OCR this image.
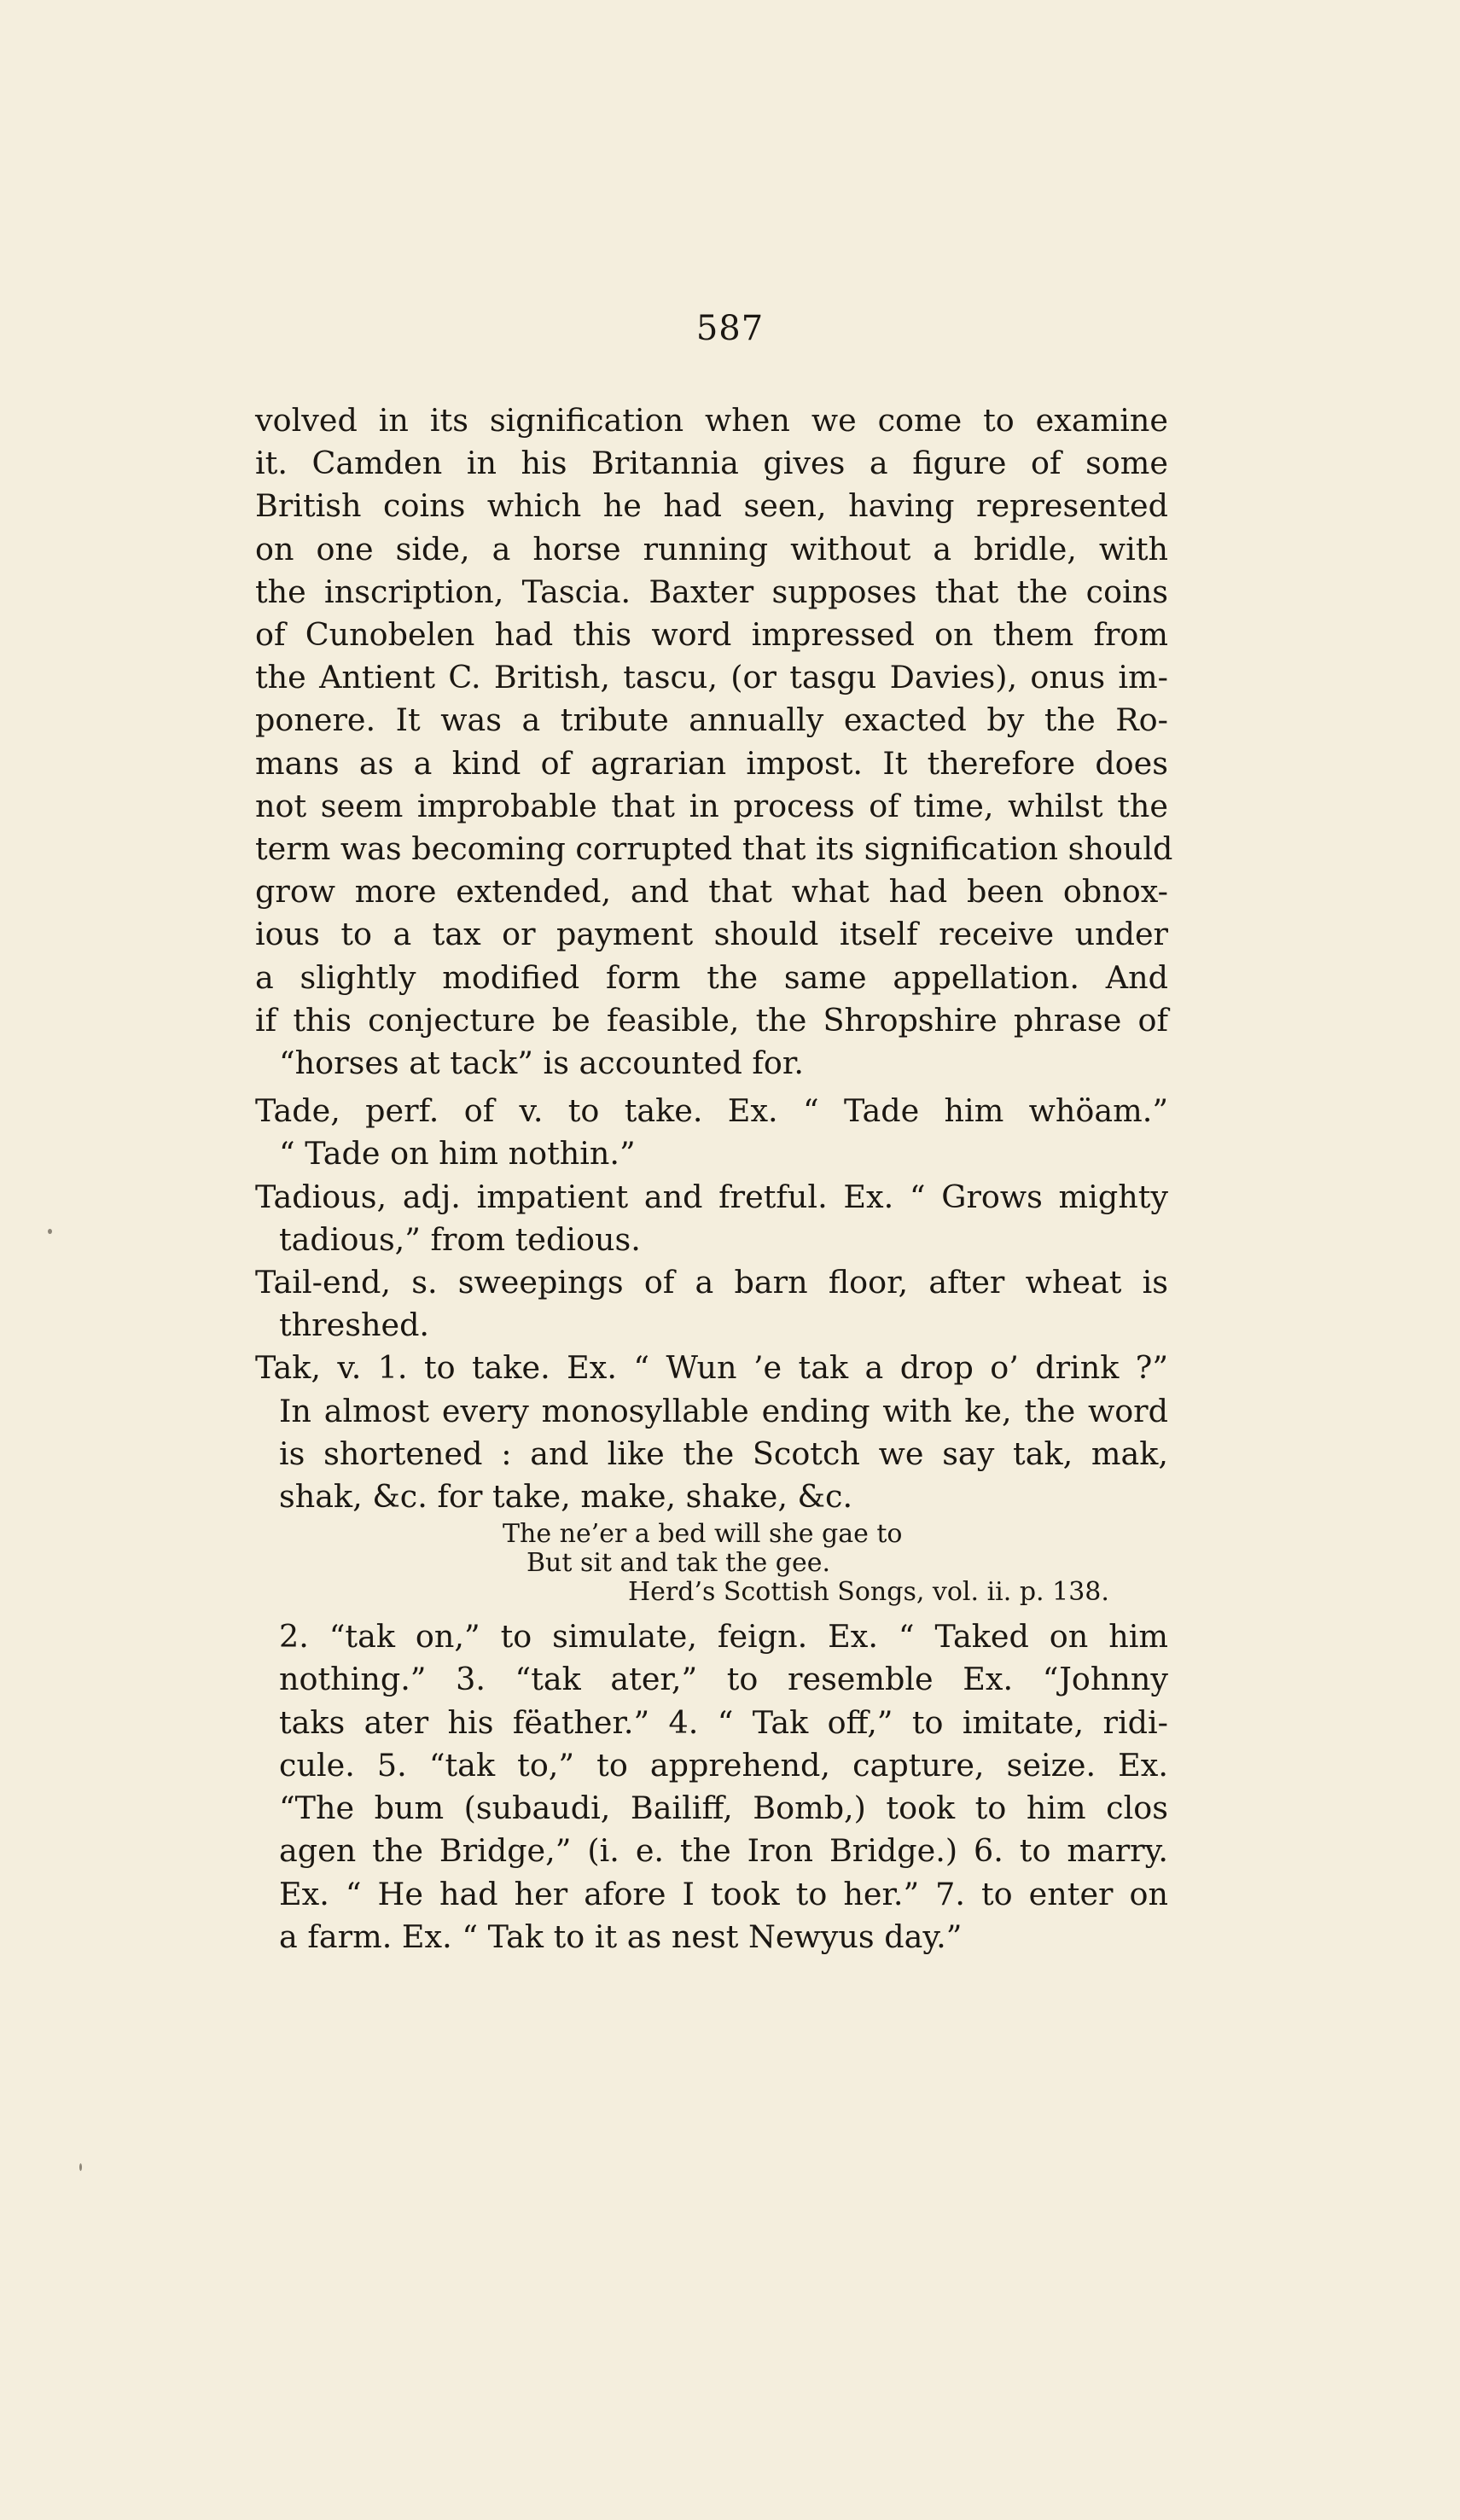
587
volved in its signification when we come to examine
it. Camden in his Britannia gives a figure of some
British coins which he had seen, having represented
on one side, a horse running without a bridle, with
the inscription, Tascia. Baxter supposes that the coins
of Cunobelen had this word impressed on them from
the Antient C. British, tascu, (or tasgu Davies), onus im-
ponere. It was a tribute annually exacted by the Ro-
mans as a kind of agrarian impost. It therefore does
not seem improbable that in process of time, whilst the
term was becoming corrupted that its signification should
grow more extended, and that what had been obnox-
ious to a tax or payment should itself receive under
a slightly modified form the same appellation. And
if this conjecture be feasible, the Shropshire phrase of
“horses at tack” is accounted for.
Tade, perf. of v. to take. Ex. “ Tade him whöam.”
“ Tade on him nothin.”
Tadious, adj. impatient and fretful. Ex. “ Grows mighty
tadious,” from tedious.
Tail-end, s. sweepings of a barn floor, after wheat is
threshed.
Tak, v. 1. to take. Ex. “ Wun ’e tak a drop o’ drink ?”
In almost every monosyllable ending with ke, the word
is shortened : and like the Scotch we say tak, mak,
shak, &c. for take, make, shake, &c.
The ne’er a bed will she gae to
But sit and tak the gee.
Herd’s Scottish Songs, vol. ii. p. 138.
2. “tak on,” to simulate, feign. Ex. “ Taked on him
nothing.” 3. “tak ater,” to resemble Ex. “Johnny
taks ater his fëather.” 4. “ Tak off,” to imitate, ridi-
cule. 5. “tak to,” to apprehend, capture, seize. Ex.
“The bum (subaudi, Bailiff, Bomb,) took to him clos
agen the Bridge,” (i. e. the Iron Bridge.) 6. to marry.
Ex. “ He had her afore I took to her.” 7. to enter on
a farm. Ex. “ Tak to it as nest Newyus day.”
